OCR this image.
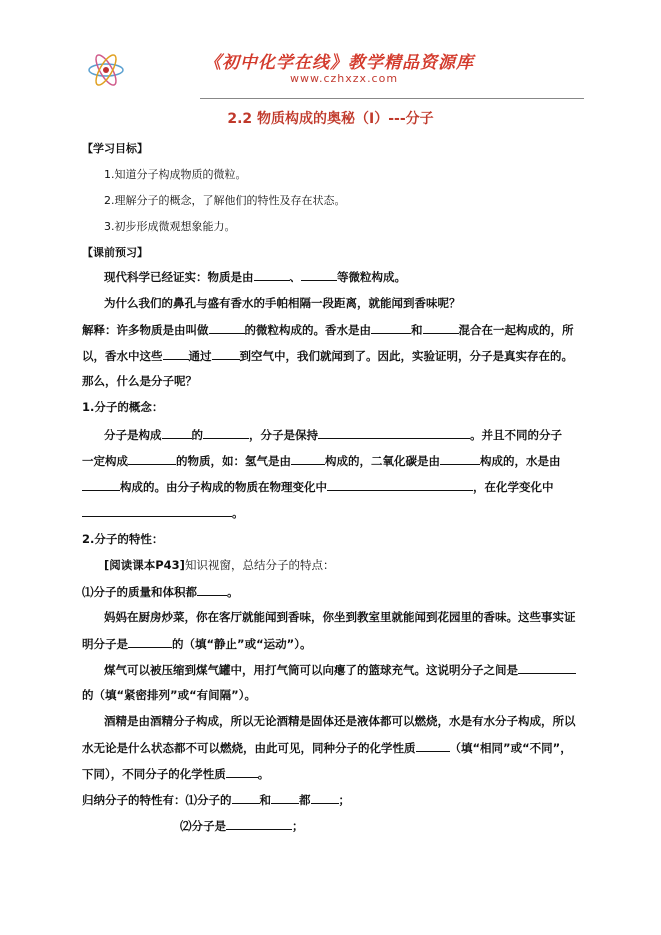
《初中化学在线》教学精品资源库
www.czhxzx.com
2.2 物质构成的奥秘（Ⅰ）---分子
【学习目标】
1.知道分子构成物质的微粒。
2.理解分子的概念，了解他们的特性及存在状态。
3.初步形成微观想象能力。
【课前预习】
现代科学已经证实：物质是由	、	等微粒构成。
为什么我们的鼻孔与盛有香水的手帕相隔一段距离，就能闻到香味呢？
解释：许多物质是由叫做	的微粒构成的。香水是由	和	混合在一起构成的，所
以，香水中这些 通过 到空气中，我们就闻到了。因此，实验证明，分子是真实存在的。
那么，什么是分子呢？
1.分子的概念：
分子是构成	的	，分子是保持	。并且不同的分子
一定构成	的物质，如：氢气是由	构成的，二氧化碳是由	构成的，水是由
构成的。由分子构成的物质在物理变化中	，在化学变化中
。
2.分子的特性：
[阅读课本P43]知识视窗，总结分子的特点：
⑴分子的质量和体积都	。
妈妈在厨房炒菜，你在客厅就能闻到香味，你坐到教室里就能闻到花园里的香味。这些事实证
明分子是	的（填“静止”或“运动”）。
煤气可以被压缩到煤气罐中，用打气筒可以向瘪了的篮球充气。这说明分子之间是
的（填“紧密排列”或“有间隔”）。
酒精是由酒精分子构成，所以无论酒精是固体还是液体都可以燃烧，水是有水分子构成，所以
水无论是什么状态都不可以燃烧，由此可见，同种分子的化学性质	（填“相同”或“不同”，
下同），不同分子的化学性质	。
归纳分子的特性有：⑴分子的 和 都 ；
⑵分子是	；
